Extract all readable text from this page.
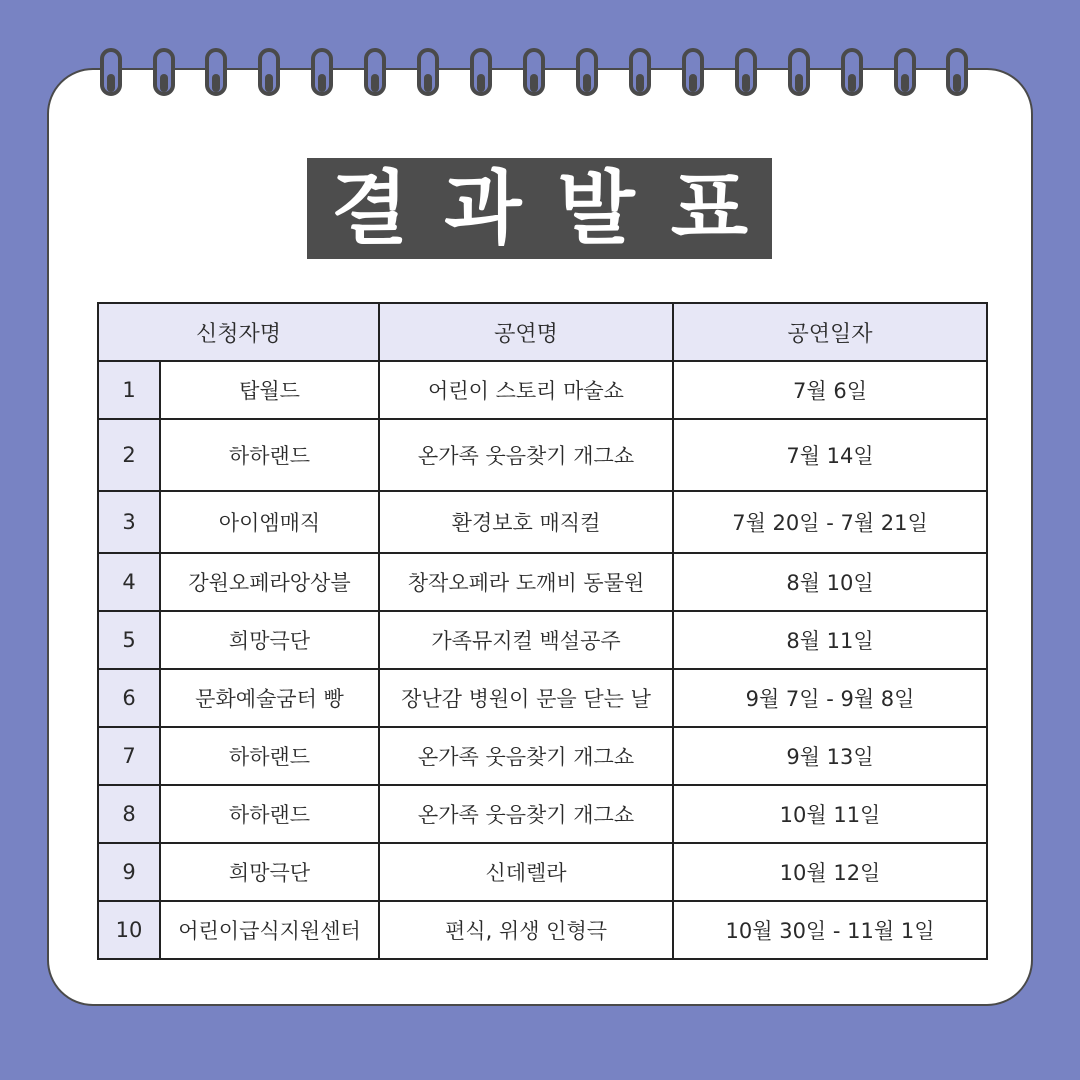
결과발표
신청자명		공연명	공연일자
1	탑월드	어린이 스토리 마술쇼	7월 6일
2	하하랜드	온가족 웃음찾기 개그쇼	7월 14일
3	아이엠매직	환경보호 매직컬	7월 20일 - 7월 21일
4	강원오페라앙상블	창작오페라 도깨비 동물원	8월 10일
5	희망극단	가족뮤지컬 백설공주	8월 11일
6	문화예술굼터 빵	장난감 병원이 문을 닫는 날	9월 7일 - 9월 8일
7	하하랜드	온가족 웃음찾기 개그쇼	9월 13일
8	하하랜드	온가족 웃음찾기 개그쇼	10월 11일
9	희망극단	신데렐라	10월 12일
10	어린이급식지원센터	편식, 위생 인형극	10월 30일 - 11월 1일
